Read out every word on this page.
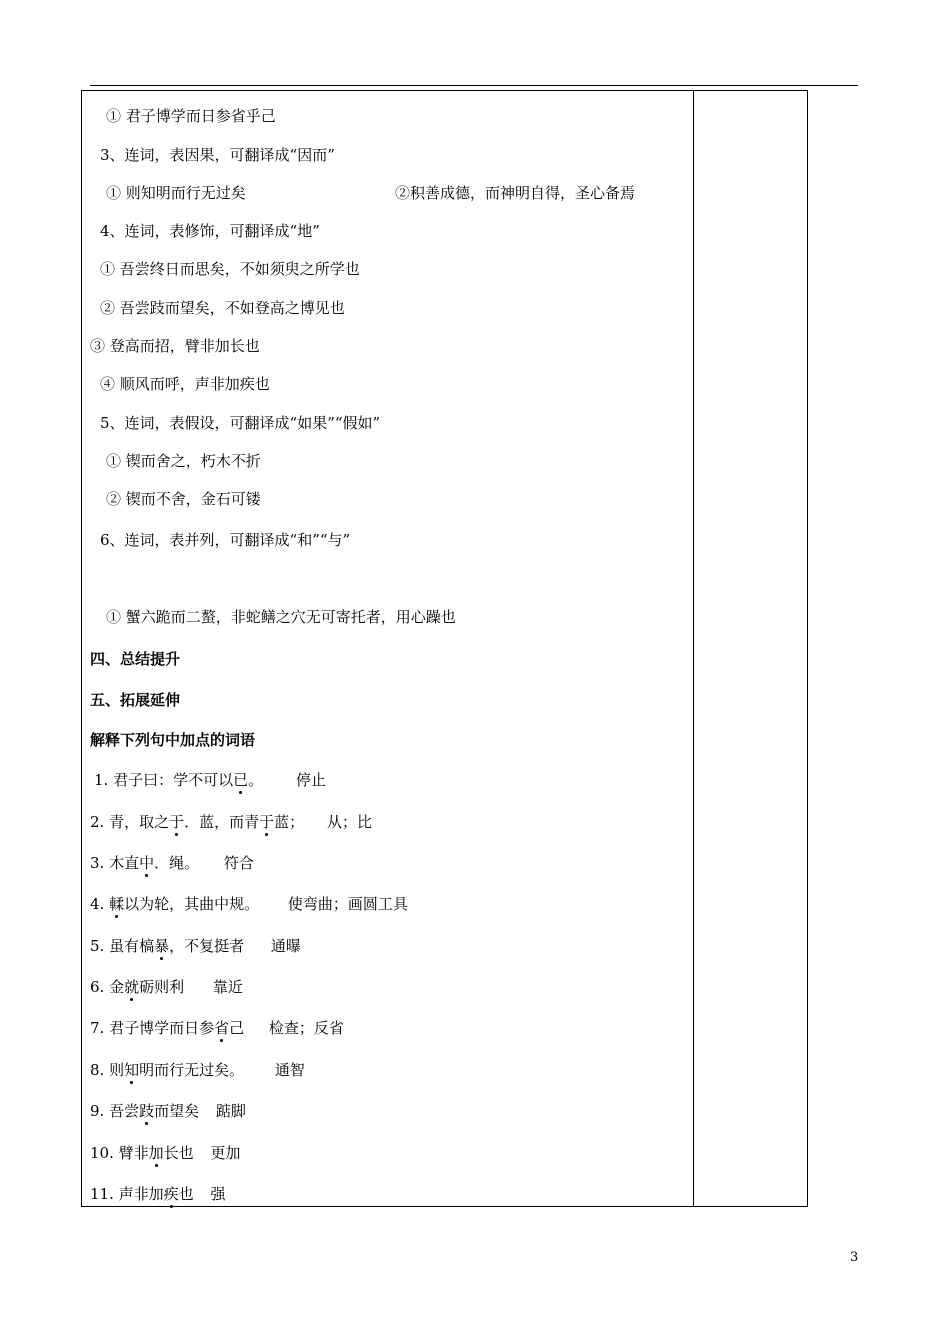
① 君子博学而日参省乎己
3、连词，表因果，可翻译成“因而”
① 则知明而行无过矣	②积善成德，而神明自得，圣心备焉
4、连词，表修饰，可翻译成“地”
① 吾尝终日而思矣，不如须臾之所学也
② 吾尝跂而望矣，不如登高之博见也
③ 登高而招，臂非加长也
④ 顺风而呼，声非加疾也
5、连词，表假设，可翻译成“如果”“假如”
① 锲而舍之，朽木不折
② 锲而不舍，金石可镂
6、连词，表并列，可翻译成“和”“与”
① 蟹六跪而二螯，非蛇鳝之穴无可寄托者，用心躁也
四、总结提升
五、拓展延伸
解释下列句中加点的词语
1. 君子曰：学不可以已。 停止
2. 青，取之于．蓝，而青于蓝； 从；比
3. 木直中．绳。 符合
4. 輮以为轮，其曲中规。 使弯曲；画圆工具
5. 虽有槁暴，不复挺者 通曝
6. 金就砺则利 靠近
7. 君子博学而日参省己 检查；反省
8. 则知明而行无过矣。 通智
9. 吾尝跂而望矣 踮脚
10. 臂非加长也 更加
11. 声非加疾也 强
3
